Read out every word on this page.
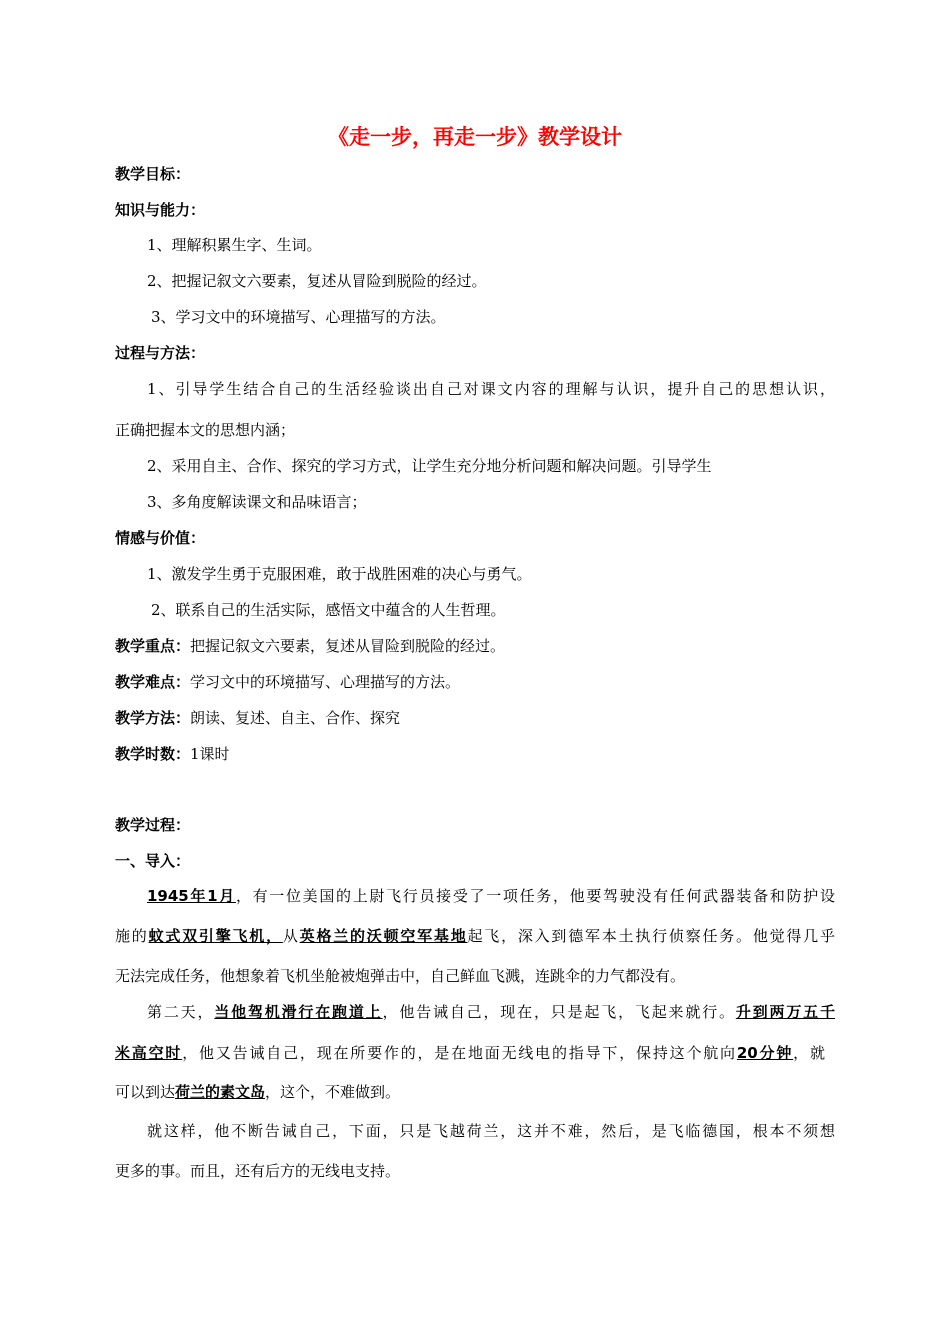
《走一步，再走一步》教学设计
教学目标：
知识与能力：
1、理解积累生字、生词。
2、把握记叙文六要素，复述从冒险到脱险的经过。
3、学习文中的环境描写、心理描写的方法。
过程与方法：
1、引导学生结合自己的生活经验谈出自己对课文内容的理解与认识，提升自己的思想认识，
正确把握本文的思想内涵；
2、采用自主、合作、探究的学习方式，让学生充分地分析问题和解决问题。引导学生
3、多角度解读课文和品味语言；
情感与价值：
1、激发学生勇于克服困难，敢于战胜困难的决心与勇气。
2、联系自己的生活实际，感悟文中蕴含的人生哲理。
教学重点：把握记叙文六要素，复述从冒险到脱险的经过。
教学难点：学习文中的环境描写、心理描写的方法。
教学方法：朗读、复述、自主、合作、探究
教学时数：1课时
教学过程：
一、导入：
1945年1月，有一位美国的上尉飞行员接受了一项任务，他要驾驶没有任何武器装备和防护设
施的蚊式双引擎飞机，从英格兰的沃顿空军基地起飞，深入到德军本土执行侦察任务。他觉得几乎
无法完成任务，他想象着飞机坐舱被炮弹击中，自己鲜血飞溅，连跳伞的力气都没有。
第二天，当他驾机滑行在跑道上，他告诫自己，现在，只是起飞，飞起来就行。升到两万五千
米高空时，他又告诫自己，现在所要作的，是在地面无线电的指导下，保持这个航向20分钟，就
可以到达荷兰的素文岛，这个，不难做到。
就这样，他不断告诫自己，下面，只是飞越荷兰，这并不难，然后，是飞临德国，根本不须想
更多的事。而且，还有后方的无线电支持。
